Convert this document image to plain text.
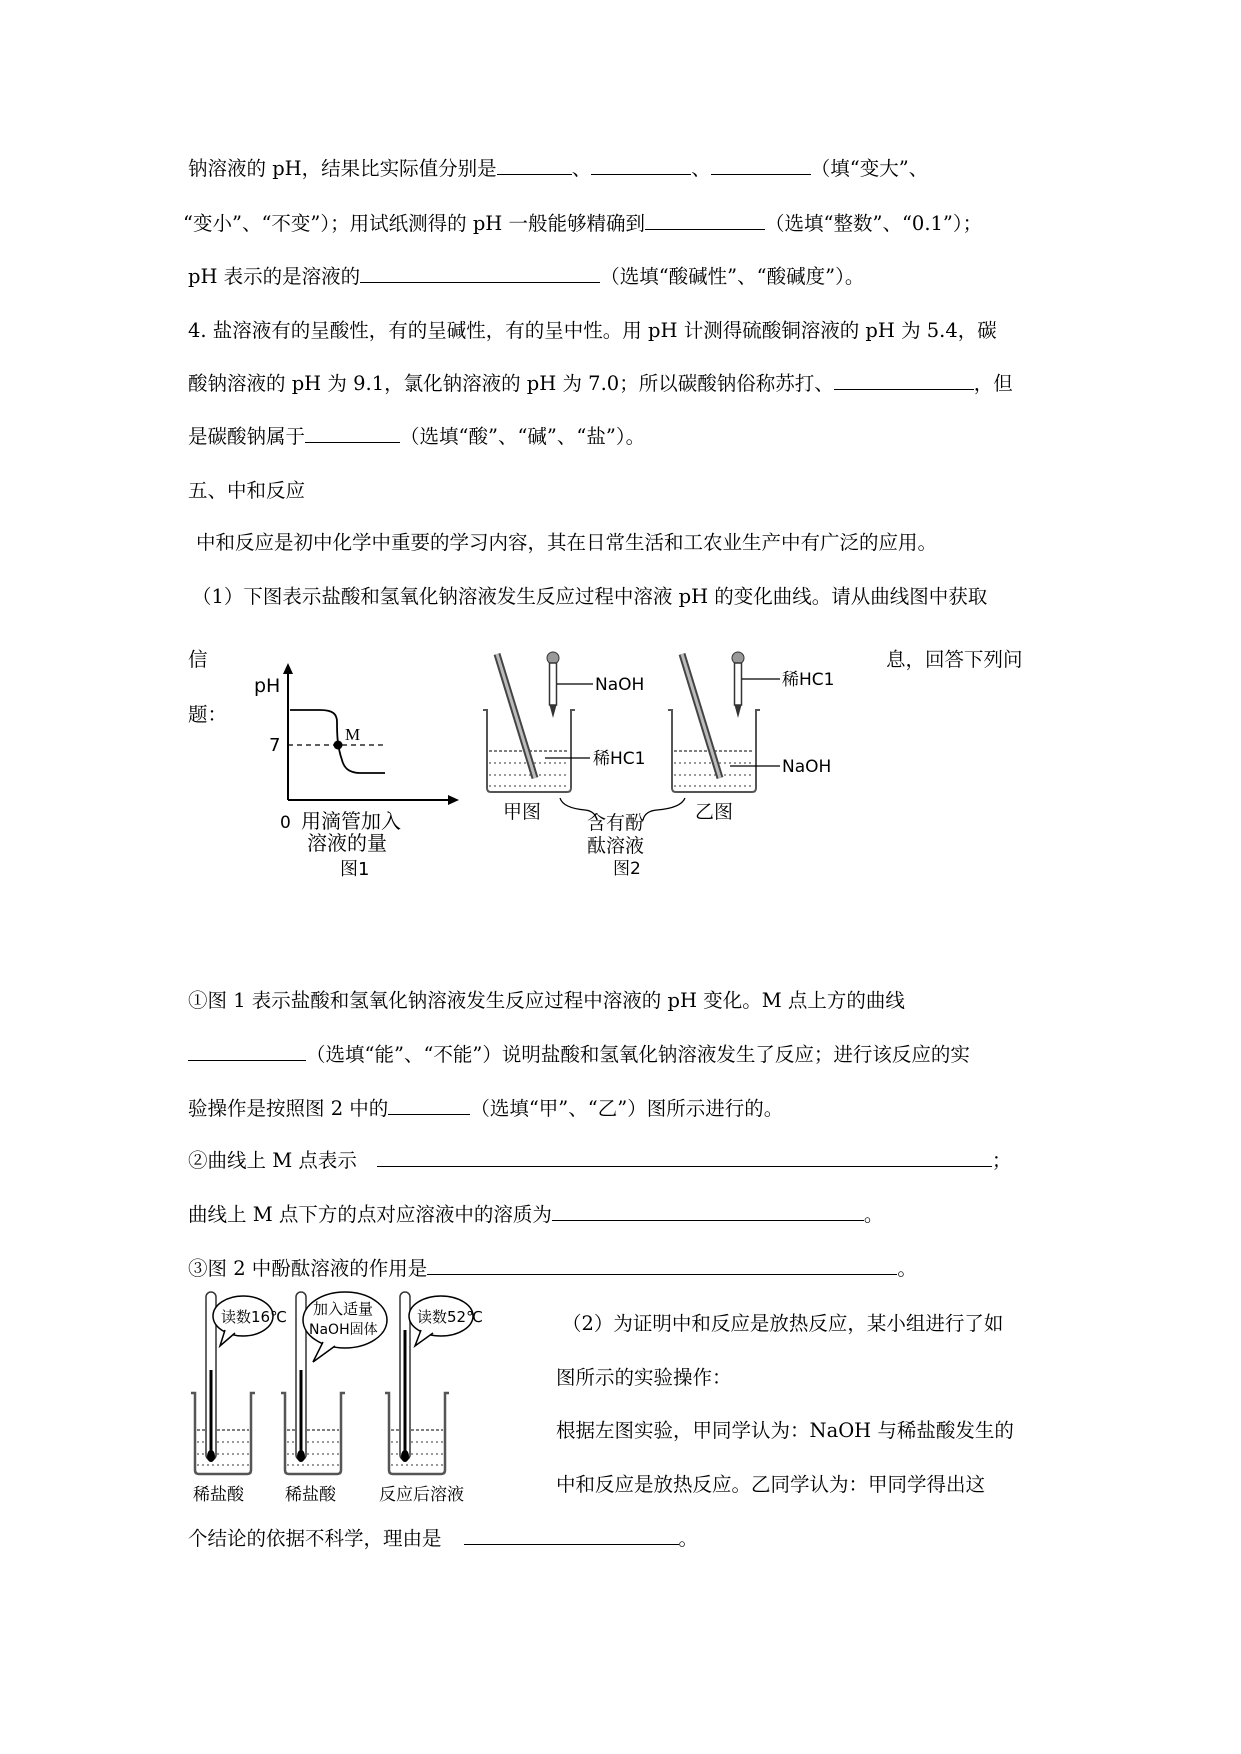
钠溶液的 pH，结果比实际值分别是	、	、	（填“变大”、
“变小”、“不变”）；用试纸测得的 pH 一般能够精确到	（选填“整数”、“0.1”）；
pH 表示的是溶液的	（选填“酸碱性”、“酸碱度”）。
4. 盐溶液有的呈酸性，有的呈碱性，有的呈中性。用 pH 计测得硫酸铜溶液的 pH 为 5.4，碳
酸钠溶液的 pH 为 9.1，氯化钠溶液的 pH 为 7.0；所以碳酸钠俗称苏打、	，但
是碳酸钠属于	（选填“酸”、“碱”、“盐”）。
五、中和反应
中和反应是初中化学中重要的学习内容，其在日常生活和工农业生产中有广泛的应用。
（1）下图表示盐酸和氢氧化钠溶液发生反应过程中溶液 pH 的变化曲线。请从曲线图中获取
信	息，回答下列问
题：
pH
7
0
M
用滴管加入
溶液的量
图1
NaOH
稀HC1
稀HC1
NaOH
甲图	乙图
含有酚
酞溶液
图2
①图 1 表示盐酸和氢氧化钠溶液发生反应过程中溶液的 pH 变化。M 点上方的曲线
（选填“能”、“不能”）说明盐酸和氢氧化钠溶液发生了反应；进行该反应的实
验操作是按照图 2 中的	（选填“甲”、“乙”）图所示进行的。
②曲线上 M 点表示	；
曲线上 M 点下方的点对应溶液中的溶质为	。
③图 2 中酚酞溶液的作用是	。
读数16℃
稀盐酸
加入适量
NaOH固体
稀盐酸
读数52℃
反应后溶液
（2）为证明中和反应是放热反应，某小组进行了如
图所示的实验操作：
根据左图实验，甲同学认为：NaOH 与稀盐酸发生的
中和反应是放热反应。乙同学认为：甲同学得出这
个结论的依据不科学，理由是	。
